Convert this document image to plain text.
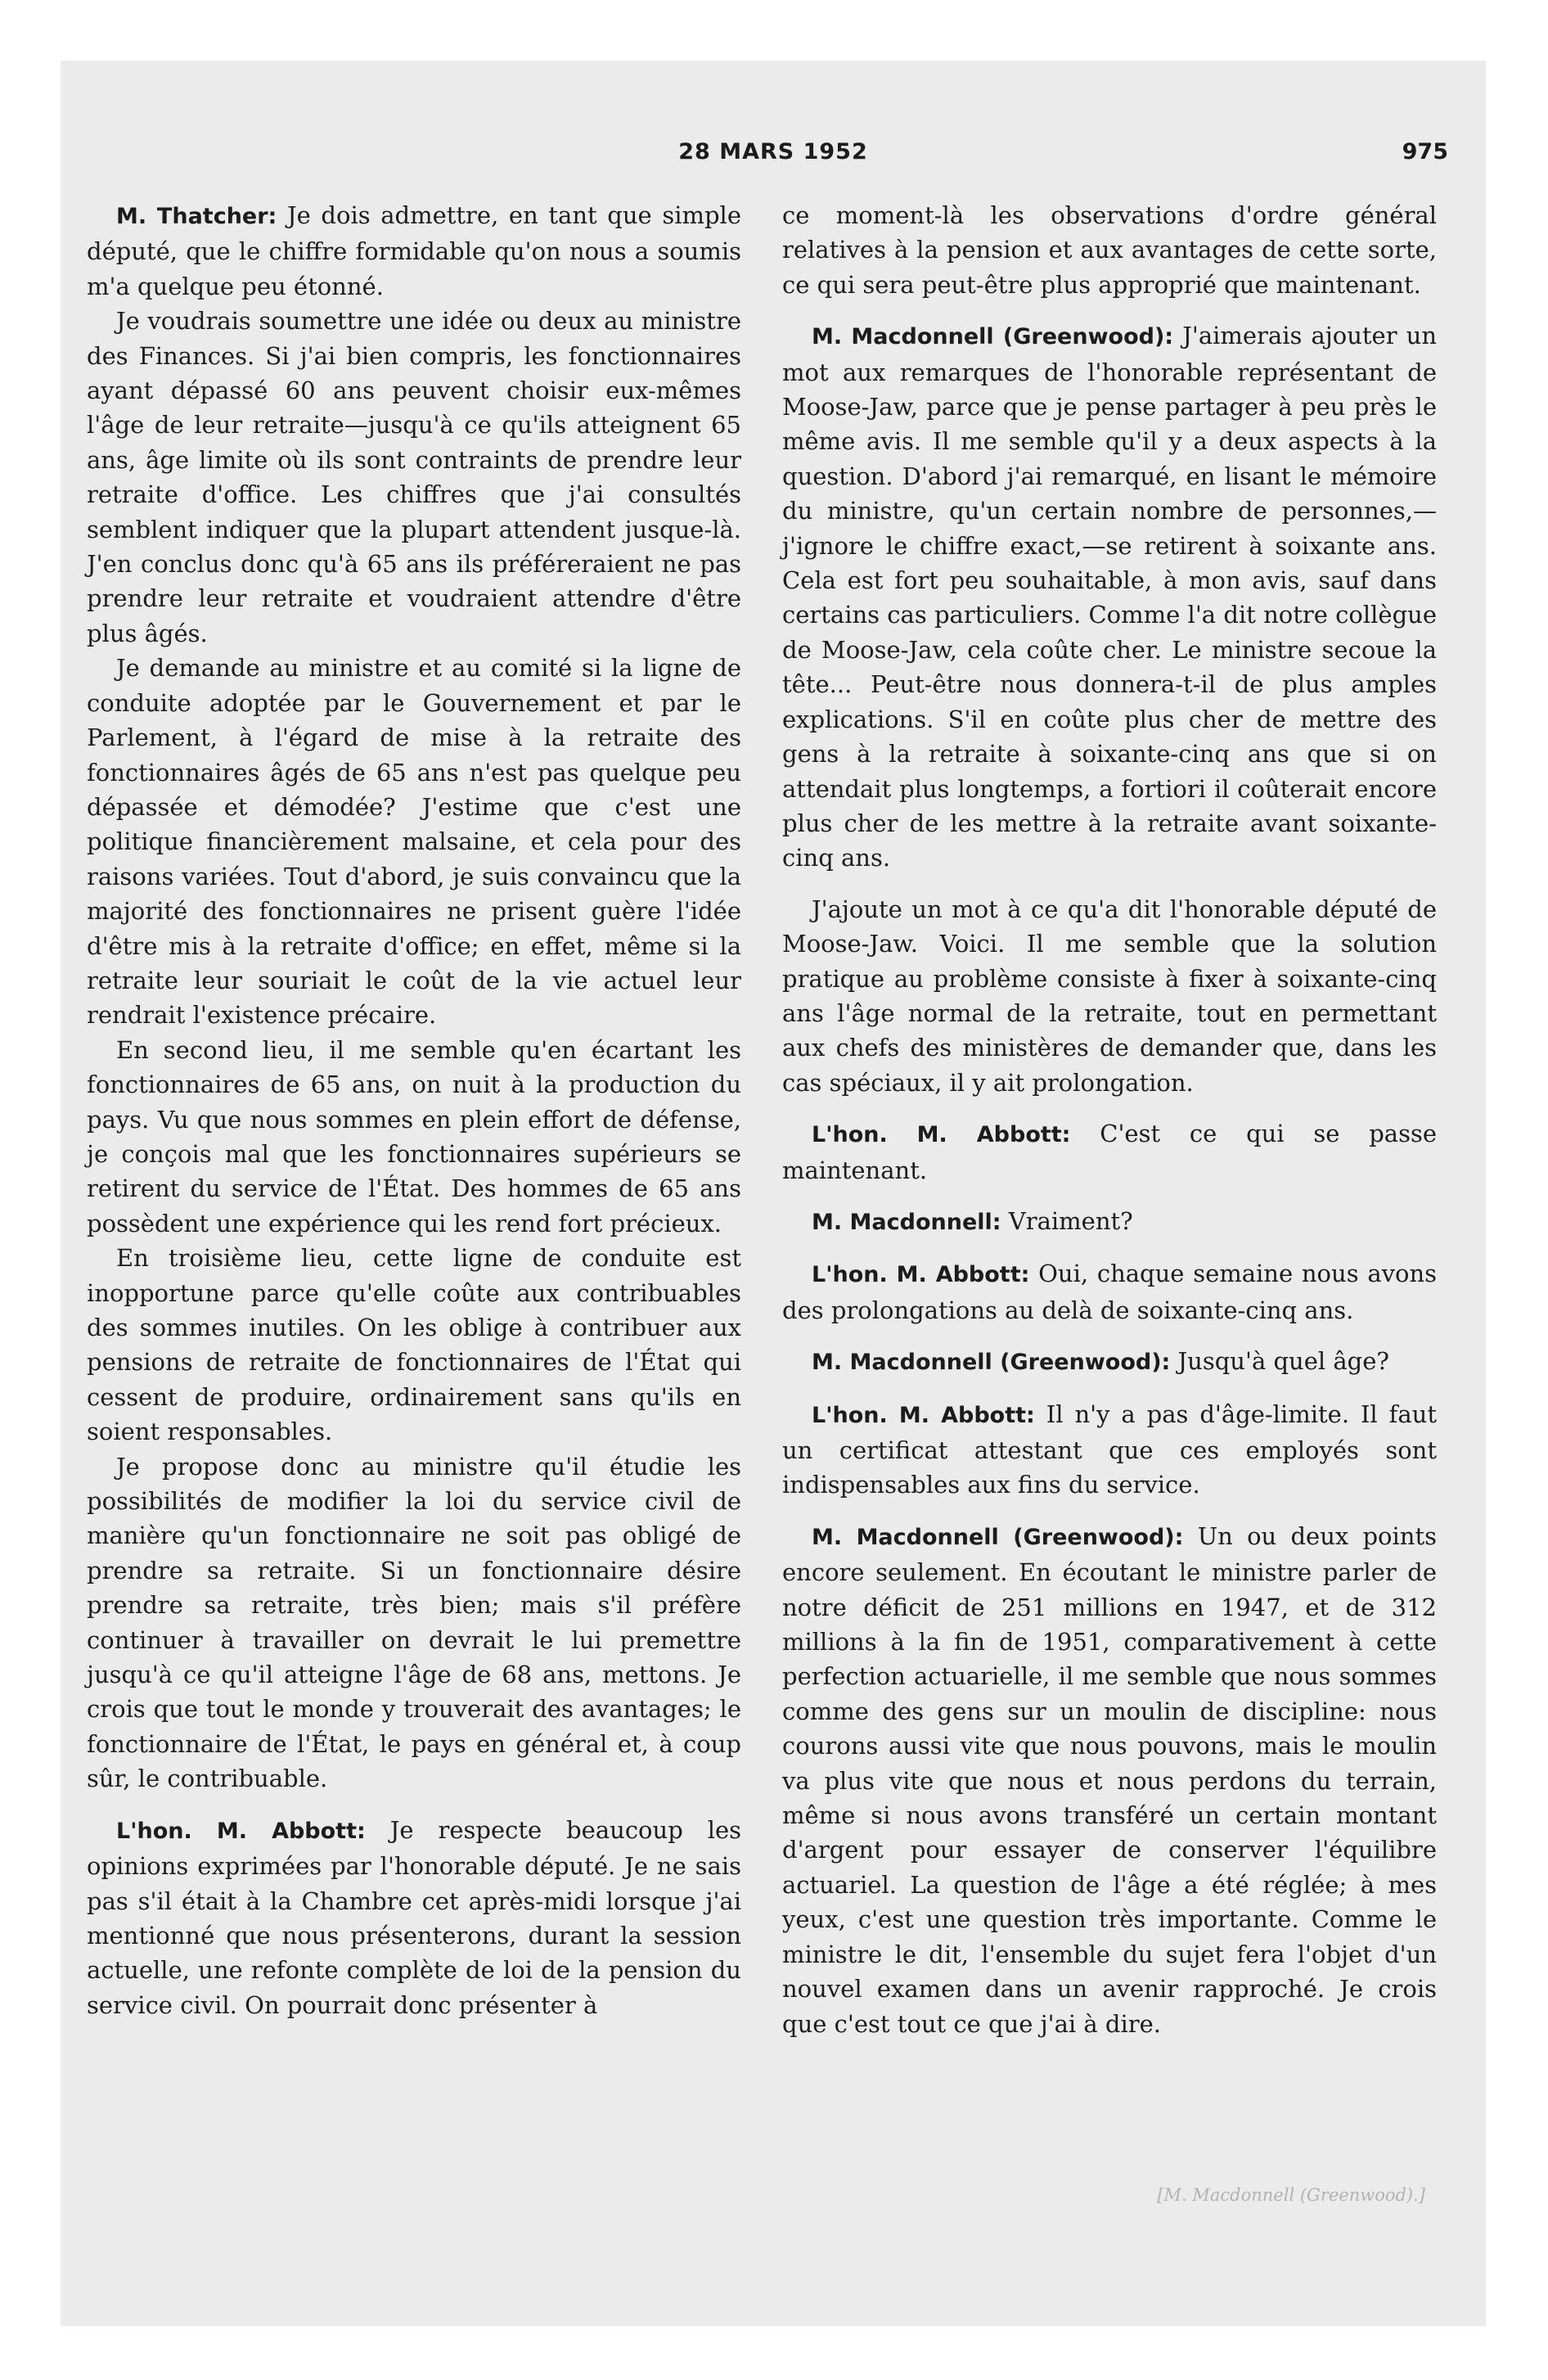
28 MARS 1952	975

M. Thatcher: Je dois admettre, en tant que simple député, que le chiffre formidable qu'on nous a soumis m'a quelque peu étonné.

Je voudrais soumettre une idée ou deux au ministre des Finances. Si j'ai bien compris, les fonctionnaires ayant dépassé 60 ans peuvent choisir eux-mêmes l'âge de leur retraite—jusqu'à ce qu'ils atteignent 65 ans, âge limite où ils sont contraints de prendre leur retraite d'office. Les chiffres que j'ai consultés semblent indiquer que la plupart attendent jusque-là. J'en conclus donc qu'à 65 ans ils préféreraient ne pas prendre leur retraite et voudraient attendre d'être plus âgés.

Je demande au ministre et au comité si la ligne de conduite adoptée par le Gouvernement et par le Parlement, à l'égard de mise à la retraite des fonctionnaires âgés de 65 ans n'est pas quelque peu dépassée et démodée? J'estime que c'est une politique financièrement malsaine, et cela pour des raisons variées. Tout d'abord, je suis convaincu que la majorité des fonctionnaires ne prisent guère l'idée d'être mis à la retraite d'office; en effet, même si la retraite leur souriait le coût de la vie actuel leur rendrait l'existence précaire.

En second lieu, il me semble qu'en écartant les fonctionnaires de 65 ans, on nuit à la production du pays. Vu que nous sommes en plein effort de défense, je conçois mal que les fonctionnaires supérieurs se retirent du service de l'État. Des hommes de 65 ans possèdent une expérience qui les rend fort précieux.

En troisième lieu, cette ligne de conduite est inopportune parce qu'elle coûte aux contribuables des sommes inutiles. On les oblige à contribuer aux pensions de retraite de fonctionnaires de l'État qui cessent de produire, ordinairement sans qu'ils en soient responsables.

Je propose donc au ministre qu'il étudie les possibilités de modifier la loi du service civil de manière qu'un fonctionnaire ne soit pas obligé de prendre sa retraite. Si un fonctionnaire désire prendre sa retraite, très bien; mais s'il préfère continuer à travailler on devrait le lui premettre jusqu'à ce qu'il atteigne l'âge de 68 ans, mettons. Je crois que tout le monde y trouverait des avantages; le fonctionnaire de l'État, le pays en général et, à coup sûr, le contribuable.

L'hon. M. Abbott: Je respecte beaucoup les opinions exprimées par l'honorable député. Je ne sais pas s'il était à la Chambre cet après-midi lorsque j'ai mentionné que nous présenterons, durant la session actuelle, une refonte complète de loi de la pension du service civil. On pourrait donc présenter à

ce moment-là les observations d'ordre général relatives à la pension et aux avantages de cette sorte, ce qui sera peut-être plus approprié que maintenant.

M. Macdonnell (Greenwood): J'aimerais ajouter un mot aux remarques de l'honorable représentant de Moose-Jaw, parce que je pense partager à peu près le même avis. Il me semble qu'il y a deux aspects à la question. D'abord j'ai remarqué, en lisant le mémoire du ministre, qu'un certain nombre de personnes,—j'ignore le chiffre exact,—se retirent à soixante ans. Cela est fort peu souhaitable, à mon avis, sauf dans certains cas particuliers. Comme l'a dit notre collègue de Moose-Jaw, cela coûte cher. Le ministre secoue la tête... Peut-être nous donnera-t-il de plus amples explications. S'il en coûte plus cher de mettre des gens à la retraite à soixante-cinq ans que si on attendait plus longtemps, a fortiori il coûterait encore plus cher de les mettre à la retraite avant soixante-cinq ans.

J'ajoute un mot à ce qu'a dit l'honorable député de Moose-Jaw. Voici. Il me semble que la solution pratique au problème consiste à fixer à soixante-cinq ans l'âge normal de la retraite, tout en permettant aux chefs des ministères de demander que, dans les cas spéciaux, il y ait prolongation.

L'hon. M. Abbott: C'est ce qui se passe maintenant.

M. Macdonnell: Vraiment?

L'hon. M. Abbott: Oui, chaque semaine nous avons des prolongations au delà de soixante-cinq ans.

M. Macdonnell (Greenwood): Jusqu'à quel âge?

L'hon. M. Abbott: Il n'y a pas d'âge-limite. Il faut un certificat attestant que ces employés sont indispensables aux fins du service.

M. Macdonnell (Greenwood): Un ou deux points encore seulement. En écoutant le ministre parler de notre déficit de 251 millions en 1947, et de 312 millions à la fin de 1951, comparativement à cette perfection actuarielle, il me semble que nous sommes comme des gens sur un moulin de discipline: nous courons aussi vite que nous pouvons, mais le moulin va plus vite que nous et nous perdons du terrain, même si nous avons transféré un certain montant d'argent pour essayer de conserver l'équilibre actuariel. La question de l'âge a été réglée; à mes yeux, c'est une question très importante. Comme le ministre le dit, l'ensemble du sujet fera l'objet d'un nouvel examen dans un avenir rapproché. Je crois que c'est tout ce que j'ai à dire.

[M. Macdonnell (Greenwood).]
